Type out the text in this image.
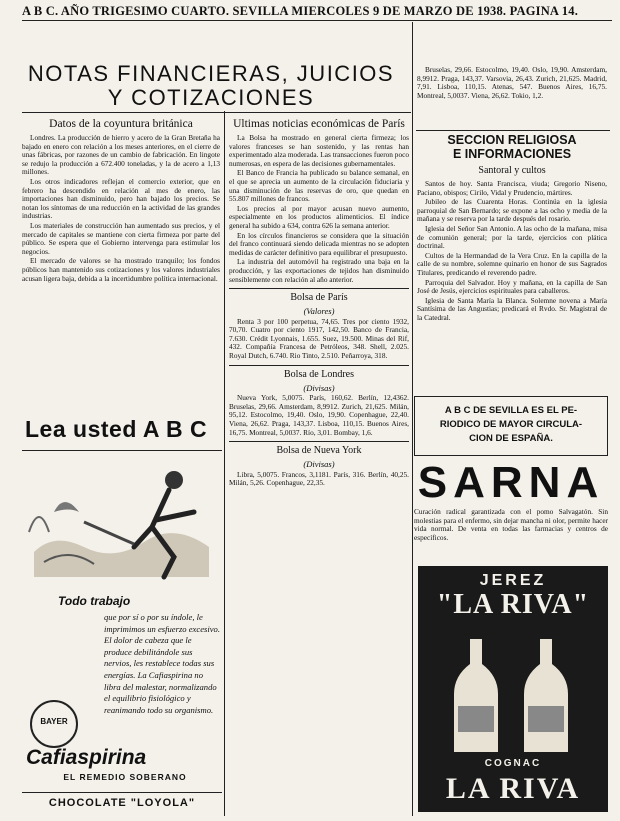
A B C. AÑO TRIGESIMO CUARTO. SEVILLA MIERCOLES 9 DE MARZO DE 1938. PAGINA 14.
NOTAS FINANCIERAS, JUICIOS
Y COTIZACIONES
Datos de la coyuntura británica

Londres. La producción de hierro y acero de la Gran Bretaña ha bajado en enero con relación a los meses anteriores, en el cierre de unas fábricas, por razones de un cambio de fabricación. En lingote se redujo la producción a 672.400 toneladas, y la de acero a 1,13 millones.

Los otros indicadores reflejan el comercio exterior, que en febrero ha descendido en relación al mes de enero, las importaciones han disminuido, pero han bajado los precios. Se notan los síntomas de una reducción en la actividad de las grandes industrias.

Los materiales de construcción han aumentado sus precios, y el mercado de capitales se mantiene con cierta firmeza por parte del público. Se espera que el Gobierno intervenga para estimular los negocios.

El mercado de valores se ha mostrado tranquilo; los fondos públicos han mantenido sus cotizaciones y los valores industriales acusan ligera baja, debida a la incertidumbre política internacional.

Lea usted A B C
Todo trabajo
que por sí o por su índole, le imprimimos un esfuerzo excesivo. El dolor de cabeza que le produce debilitándole sus nervios, les restablece todas sus energías. La Cafiaspirina no libra del malestar, normalizando el equilibrio fisiológico y reanimando todo su organismo.
BAYER
Cafiaspirina
EL REMEDIO SOBERANO
CHOCOLATE "LOYOLA"
Ultimas noticias económicas de París

La Bolsa ha mostrado en general cierta firmeza; los valores franceses se han sostenido, y las rentas han experimentado alza moderada. Las transacciones fueron poco numerosas, en espera de las decisiones gubernamentales.

El Banco de Francia ha publicado su balance semanal, en el que se aprecia un aumento de la circulación fiduciaria y una disminución de las reservas de oro, que quedan en 55.807 millones de francos.

Los precios al por mayor acusan nuevo aumento, especialmente en los productos alimenticios. El índice general ha subido a 634, contra 626 la semana anterior.

En los círculos financieros se considera que la situación del franco continuará siendo delicada mientras no se adopten medidas de carácter definitivo para equilibrar el presupuesto.

La industria del automóvil ha registrado una baja en la producción, y las exportaciones de tejidos han disminuido sensiblemente con relación al año anterior.

Bolsa de París
(Valores)

Renta 3 por 100 perpetua, 74,65. Tres por ciento 1932, 70,70. Cuatro por ciento 1917, 142,50. Banco de Francia, 7.630. Crédit Lyonnais, 1.655. Suez, 19.500. Minas del Rif, 432. Compañía Francesa de Petróleos, 348. Shell, 2.025. Royal Dutch, 6.740. Rio Tinto, 2.510. Peñarroya, 318.

Bolsa de Londres
(Divisas)

Nueva York, 5,0075. París, 160,62. Berlín, 12,4362. Bruselas, 29,66. Amsterdam, 8,9912. Zurich, 21,625. Milán, 95,12. Estocolmo, 19,40. Oslo, 19,90. Copenhague, 22,40. Viena, 26,62. Praga, 143,37. Lisboa, 110,15. Buenos Aires, 16,75. Montreal, 5,0037. Río, 3,01. Bombay, 1,6.

Bolsa de Nueva York
(Divisas)

Libra, 5,0075. Francos, 3,1181. París, 316. Berlín, 40,25. Milán, 5,26. Copenhague, 22,35.

Bruselas, 29,66. Estocolmo, 19,40. Oslo, 19,90. Amsterdam, 8,9912. Praga, 143,37. Varsovia, 26,43. Zurich, 21,625. Madrid, 7,91. Lisboa, 110,15. Atenas, 547. Buenos Aires, 16,75. Montreal, 5,0037. Viena, 26,62. Tokio, 1,2.

SECCION RELIGIOSA
E INFORMACIONES
Santoral y cultos

Santos de hoy. Santa Francisca, viuda; Gregorio Niseno, Paciano, obispos; Cirilo, Vidal y Prudencio, mártires.

Jubileo de las Cuarenta Horas. Continúa en la iglesia parroquial de San Bernardo; se expone a las ocho y media de la mañana y se reserva por la tarde después del rosario.

Iglesia del Señor San Antonio. A las ocho de la mañana, misa de comunión general; por la tarde, ejercicios con plática doctrinal.

Cultos de la Hermandad de la Vera Cruz. En la capilla de la calle de su nombre, solemne quinario en honor de sus Sagrados Titulares, predicando el reverendo padre.

Parroquia del Salvador. Hoy y mañana, en la capilla de San José de Jesús, ejercicios espirituales para caballeros.

Iglesia de Santa María la Blanca. Solemne novena a María Santísima de las Angustias; predicará el Rvdo. Sr. Magistral de la Catedral.

A B C DE SEVILLA ES EL PE-
RIODICO DE MAYOR CIRCULA-
CION DE ESPAÑA.
SARNA
Curación radical garantizada con el pomo Salvagatón. Sin molestias para el enfermo, sin dejar mancha ni olor, permite hacer vida normal. De venta en todas las farmacias y centros de específicos.
JEREZ
"LA RIVA"
COGNAC
LA RIVA
